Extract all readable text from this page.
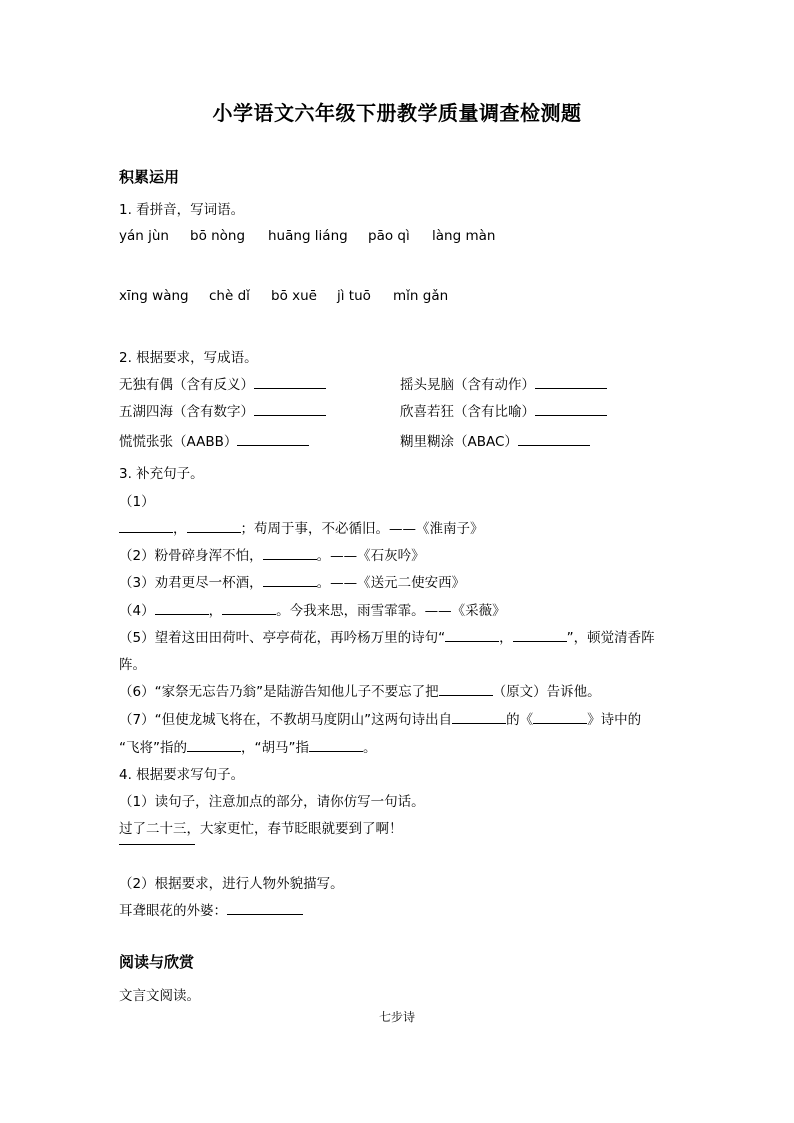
小学语文六年级下册教学质量调查检测题
积累运用
1. 看拼音，写词语。
yán jùn bō nòng huāng liáng pāo qì làng màn
xīng wàng chè dǐ bō xuē jì tuō mǐn gǎn
2. 根据要求，写成语。
无独有偶（含有反义）	摇头晃脑（含有动作）
五湖四海（含有数字）	欣喜若狂（含有比喻）
慌慌张张（AABB）	糊里糊涂（ABAC）
3. 补充句子。
（1）
，	；苟周于事，不必循旧。——《淮南子》
（2）粉骨碎身浑不怕，	。——《石灰吟》
（3）劝君更尽一杯酒，	。——《送元二使安西》
（4）	，	。今我来思，雨雪霏霏。——《采薇》
（5）望着这田田荷叶、亭亭荷花，再吟杨万里的诗句“	，	”，顿觉清香阵
阵。
（6）“家祭无忘告乃翁”是陆游告知他儿子不要忘了把	（原文）告诉他。
（7）“但使龙城飞将在，不教胡马度阴山”这两句诗出自	的《	》诗中的
“飞将”指的	，“胡马”指	。
4. 根据要求写句子。
（1）读句子，注意加点的部分，请你仿写一句话。
过了二十三，大家更忙，春节眨眼就要到了啊！
（2）根据要求，进行人物外貌描写。
耳聋眼花的外婆：
阅读与欣赏
文言文阅读。
七步诗
